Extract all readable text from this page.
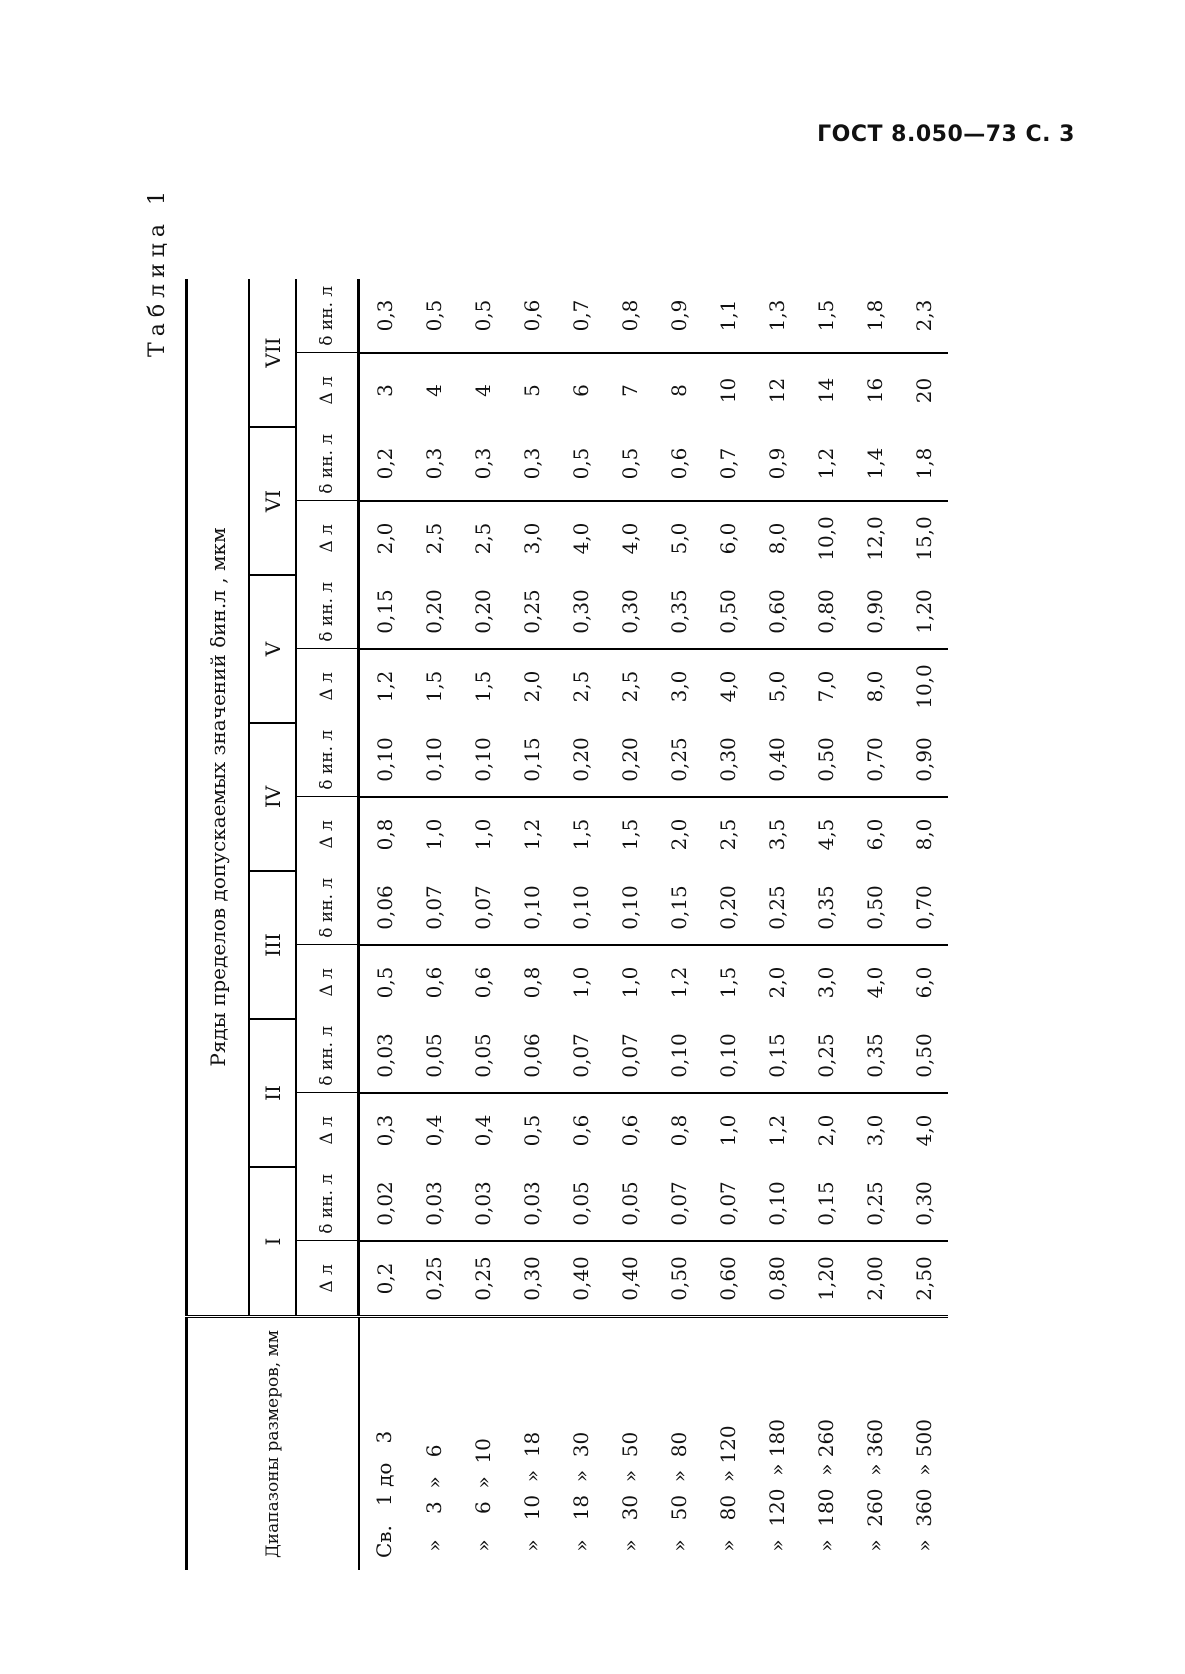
ГОСТ 8.050—73 С. 3
Таблица 1
Диапазоны размеров, мм	Ряды пределов допускаемых значений δин.л , мкм													
	I		II		III		IV		V		VI		VII	
	Δ л	δ ин. л	Δ л	δ ин. л	Δ л	δ ин. л	Δ л	δ ин. л	Δ л	δ ин. л	Δ л	δ ин. л	Δ л	δ ин. л
Св.   1 до   3	0,2	0,02	0,3	0,03	0,5	0,06	0,8	0,10	1,2	0,15	2,0	0,2	3	0,3
»    3  »   6	0,25	0,03	0,4	0,05	0,6	0,07	1,0	0,10	1,5	0,20	2,5	0,3	4	0,5
»    6  »  10	0,25	0,03	0,4	0,05	0,6	0,07	1,0	0,10	1,5	0,20	2,5	0,3	4	0,5
»   10  »  18	0,30	0,03	0,5	0,06	0,8	0,10	1,2	0,15	2,0	0,25	3,0	0,3	5	0,6
»   18  »  30	0,40	0,05	0,6	0,07	1,0	0,10	1,5	0,20	2,5	0,30	4,0	0,5	6	0,7
»   30  »  50	0,40	0,05	0,6	0,07	1,0	0,10	1,5	0,20	2,5	0,30	4,0	0,5	7	0,8
»   50  »  80	0,50	0,07	0,8	0,10	1,2	0,15	2,0	0,25	3,0	0,35	5,0	0,6	8	0,9
»   80  » 120	0,60	0,07	1,0	0,10	1,5	0,20	2,5	0,30	4,0	0,50	6,0	0,7	10	1,1
»  120  » 180	0,80	0,10	1,2	0,15	2,0	0,25	3,5	0,40	5,0	0,60	8,0	0,9	12	1,3
»  180  » 260	1,20	0,15	2,0	0,25	3,0	0,35	4,5	0,50	7,0	0,80	10,0	1,2	14	1,5
»  260  » 360	2,00	0,25	3,0	0,35	4,0	0,50	6,0	0,70	8,0	0,90	12,0	1,4	16	1,8
»  360  » 500	2,50	0,30	4,0	0,50	6,0	0,70	8,0	0,90	10,0	1,20	15,0	1,8	20	2,3
